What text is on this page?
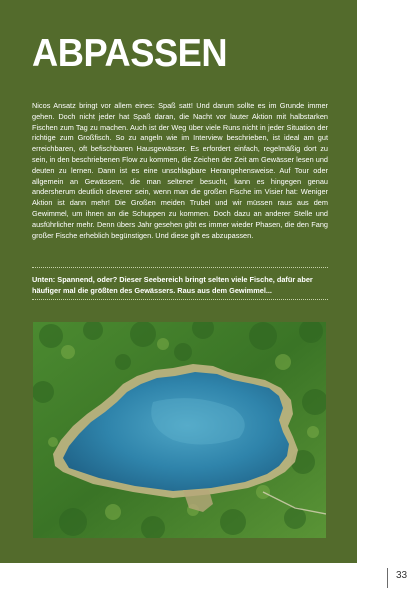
ABPASSEN

Nicos Ansatz bringt vor allem eines: Spaß satt! Und darum sollte es im Grunde immer gehen. Doch nicht jeder hat Spaß daran, die Nacht vor lauter Aktion mit halbstarken Fischen zum Tag zu machen. Auch ist der Weg über viele Runs nicht in jeder Situation der richtige zum Großfisch. So zu angeln wie im Interview beschrieben, ist ideal am gut erreichbaren, oft befischbaren Hausgewässer. Es erfordert einfach, regelmäßig dort zu sein, in den beschriebenen Flow zu kommen, die Zeichen der Zeit am Gewässer lesen und deuten zu lernen. Dann ist es eine unschlagbare Herangehensweise. Auf Tour oder allgemein an Gewässern, die man seltener besucht, kann es hingegen genau andersherum deutlich cleverer sein, wenn man die großen Fische im Visier hat: Weniger Aktion ist dann mehr! Die Großen meiden Trubel und wir müssen raus aus dem Gewimmel, um ihnen an die Schuppen zu kommen. Doch dazu an anderer Stelle und ausführlicher mehr. Denn übers Jahr gesehen gibt es immer wieder Phasen, die den Fang großer Fische erheblich begünstigen. Und diese gilt es abzupassen.

Unten: Spannend, oder? Dieser Seebereich bringt selten viele Fische, dafür aber häufiger mal die größten des Gewässers. Raus aus dem Gewimmel...

33
